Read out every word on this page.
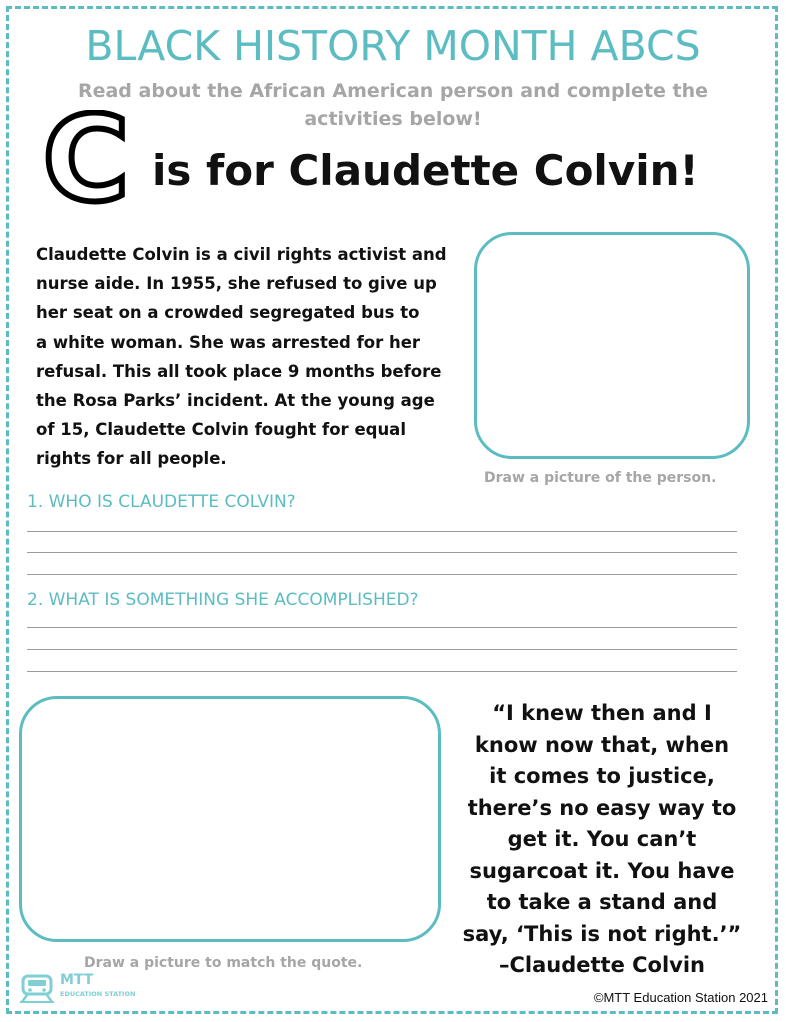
BLACK HISTORY MONTH ABCS
Read about the African American person and complete the activities below!
C is for Claudette Colvin!
Claudette Colvin is a civil rights activist and
nurse aide. In 1955, she refused to give up
her seat on a crowded segregated bus to
a white woman. She was arrested for her
refusal. This all took place 9 months before
the Rosa Parks’ incident. At the young age
of 15, Claudette Colvin fought for equal
rights for all people.
Draw a picture of the person.
1. WHO IS CLAUDETTE COLVIN?
2. WHAT IS SOMETHING SHE ACCOMPLISHED?
Draw a picture to match the quote.
“I knew then and I
know now that, when
it comes to justice,
there’s no easy way to
get it. You can’t
sugarcoat it. You have
to take a stand and
say, ‘This is not right.’”
–Claudette Colvin
MTT
EDUCATION STATION	©MTT Education Station 2021
